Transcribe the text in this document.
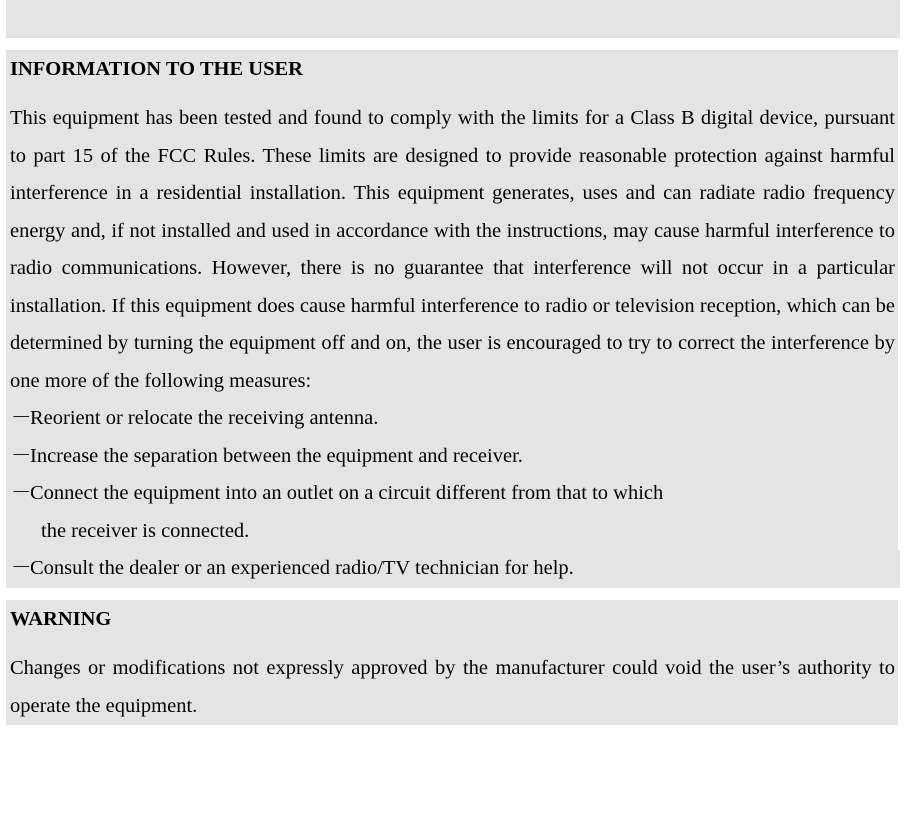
INFORMATION TO THE USER

This equipment has been tested and found to comply with the limits for a Class B digital device, pursuant to part 15 of the FCC Rules. These limits are designed to provide reasonable protection against harmful interference in a residential installation. This equipment generates, uses and can radiate radio frequency energy and, if not installed and used in accordance with the instructions, may cause harmful interference to radio communications. However, there is no guarantee that interference will not occur in a particular installation. If this equipment does cause harmful interference to radio or television reception, which can be determined by turning the equipment off and on, the user is encouraged to try to correct the interference by one more of the following measures:

－
Reorient or relocate the receiving antenna.
－
Increase the separation between the equipment and receiver.
－
Connect the equipment into an outlet on a circuit different from that to which
the receiver is connected.
－
Consult the dealer or an experienced radio/TV technician for help.
WARNING

Changes or modifications not expressly approved by the manufacturer could void the user’s authority to operate the equipment.
